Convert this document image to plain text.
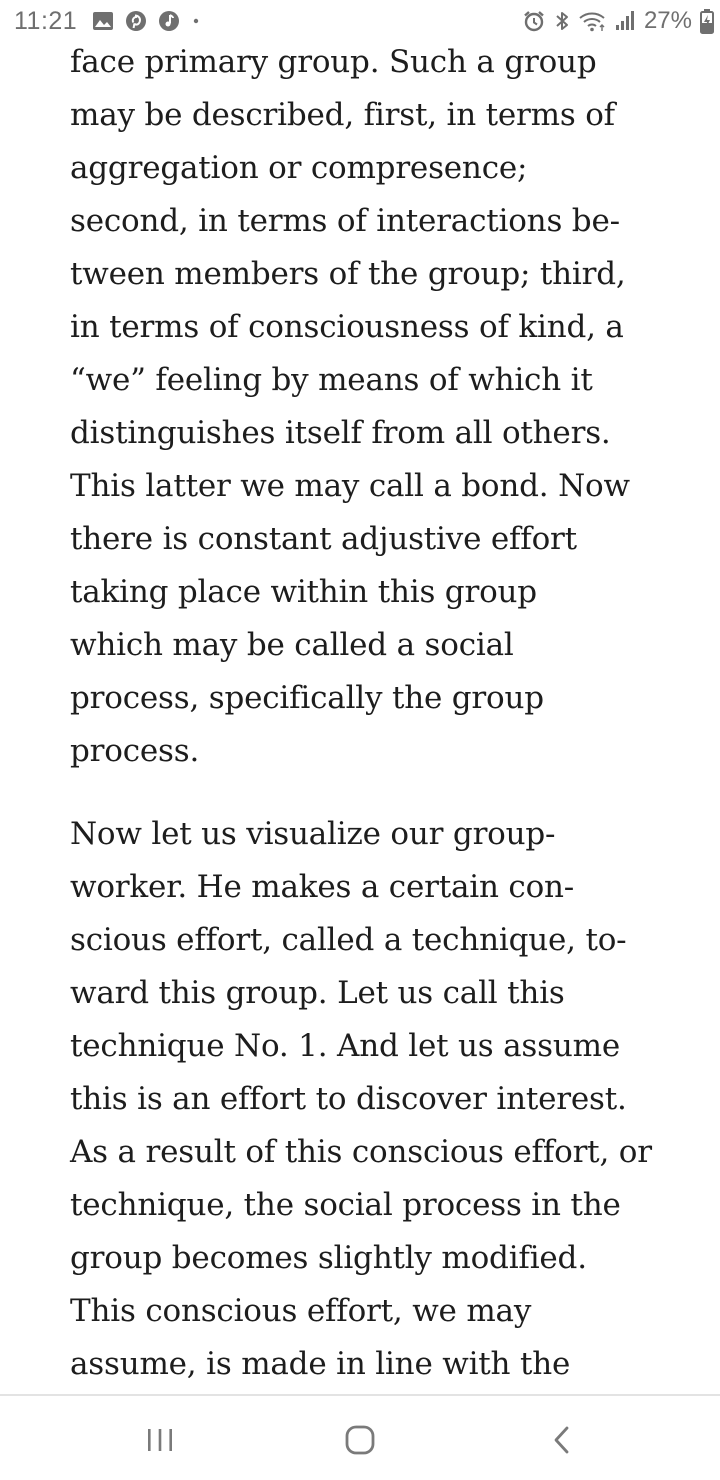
11:21	27%
face primary group. Such a group
may be described, first, in terms of
aggregation or compresence;
second, in terms of interactions be-
tween members of the group; third,
in terms of consciousness of kind, a
“we” feeling by means of which it
distinguishes itself from all others.
This latter we may call a bond. Now
there is constant adjustive effort
taking place within this group
which may be called a social
process, specifically the group
process.
Now let us visualize our group-
worker. He makes a certain con-
scious effort, called a technique, to-
ward this group. Let us call this
technique No. 1. And let us assume
this is an effort to discover interest.
As a result of this conscious effort, or
technique, the social process in the
group becomes slightly modified.
This conscious effort, we may
assume, is made in line with the
